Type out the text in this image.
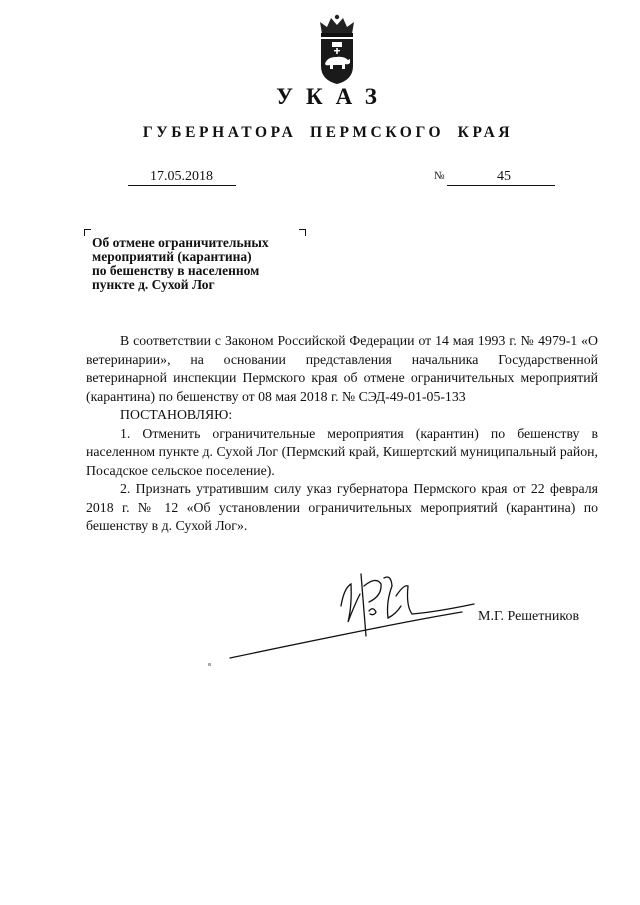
УКАЗ
ГУБЕРНАТОРА ПЕРМСКОГО КРАЯ
17.05.2018	№	45
Об отмене ограничительных
мероприятий (карантина)
по бешенству в населенном
пункте д. Сухой Лог
В соответствии с Законом Российской Федерации от 14 мая 1993 г. № 4979-1 «О ветеринарии», на основании представления начальника Государственной ветеринарной инспекции Пермского края об отмене ограничительных мероприятий (карантина) по бешенству от 08 мая 2018 г. № СЭД-49-01-05-133
ПОСТАНОВЛЯЮ:
1. Отменить ограничительные мероприятия (карантин) по бешенству в населенном пункте д. Сухой Лог (Пермский край, Кишертский муниципальный район, Посадское сельское поселение).
2. Признать утратившим силу указ губернатора Пермского края от 22 февраля 2018 г. № 12 «Об установлении ограничительных мероприятий (карантина) по бешенству в д. Сухой Лог».
М.Г. Решетников
